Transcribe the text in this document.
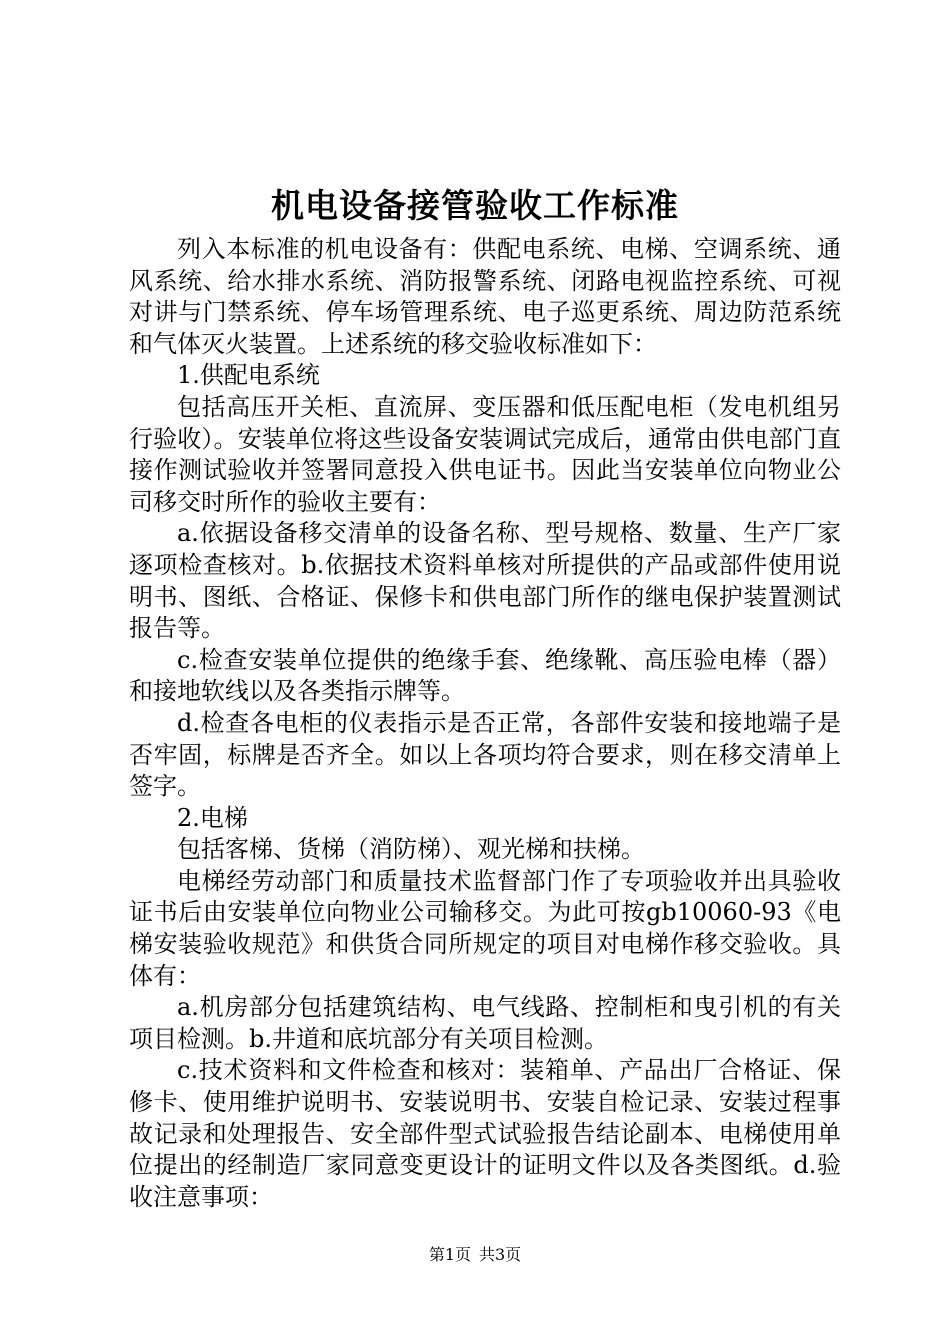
机电设备接管验收工作标准

列入本标准的机电设备有：供配电系统、电梯、空调系统、通风系统、给水排水系统、消防报警系统、闭路电视监控系统、可视对讲与门禁系统、停车场管理系统、电子巡更系统、周边防范系统和气体灭火装置。上述系统的移交验收标准如下：

1.供配电系统

包括高压开关柜、直流屏、变压器和低压配电柜（发电机组另行验收）。安装单位将这些设备安装调试完成后，通常由供电部门直接作测试验收并签署同意投入供电证书。因此当安装单位向物业公司移交时所作的验收主要有：

a.依据设备移交清单的设备名称、型号规格、数量、生产厂家逐项检查核对。b.依据技术资料单核对所提供的产品或部件使用说明书、图纸、合格证、保修卡和供电部门所作的继电保护装置测试报告等。

c.检查安装单位提供的绝缘手套、绝缘靴、高压验电棒（器）和接地软线以及各类指示牌等。

d.检查各电柜的仪表指示是否正常，各部件安装和接地端子是否牢固，标牌是否齐全。如以上各项均符合要求，则在移交清单上签字。

2.电梯

包括客梯、货梯（消防梯）、观光梯和扶梯。

电梯经劳动部门和质量技术监督部门作了专项验收并出具验收证书后由安装单位向物业公司输移交。为此可按gb10060-93《电梯安装验收规范》和供货合同所规定的项目对电梯作移交验收。具体有：

a.机房部分包括建筑结构、电气线路、控制柜和曳引机的有关项目检测。b.井道和底坑部分有关项目检测。

c.技术资料和文件检查和核对：装箱单、产品出厂合格证、保修卡、使用维护说明书、安装说明书、安装自检记录、安装过程事故记录和处理报告、安全部件型式试验报告结论副本、电梯使用单位提出的经制造厂家同意变更设计的证明文件以及各类图纸。d.验收注意事项：

第1页 共3页
